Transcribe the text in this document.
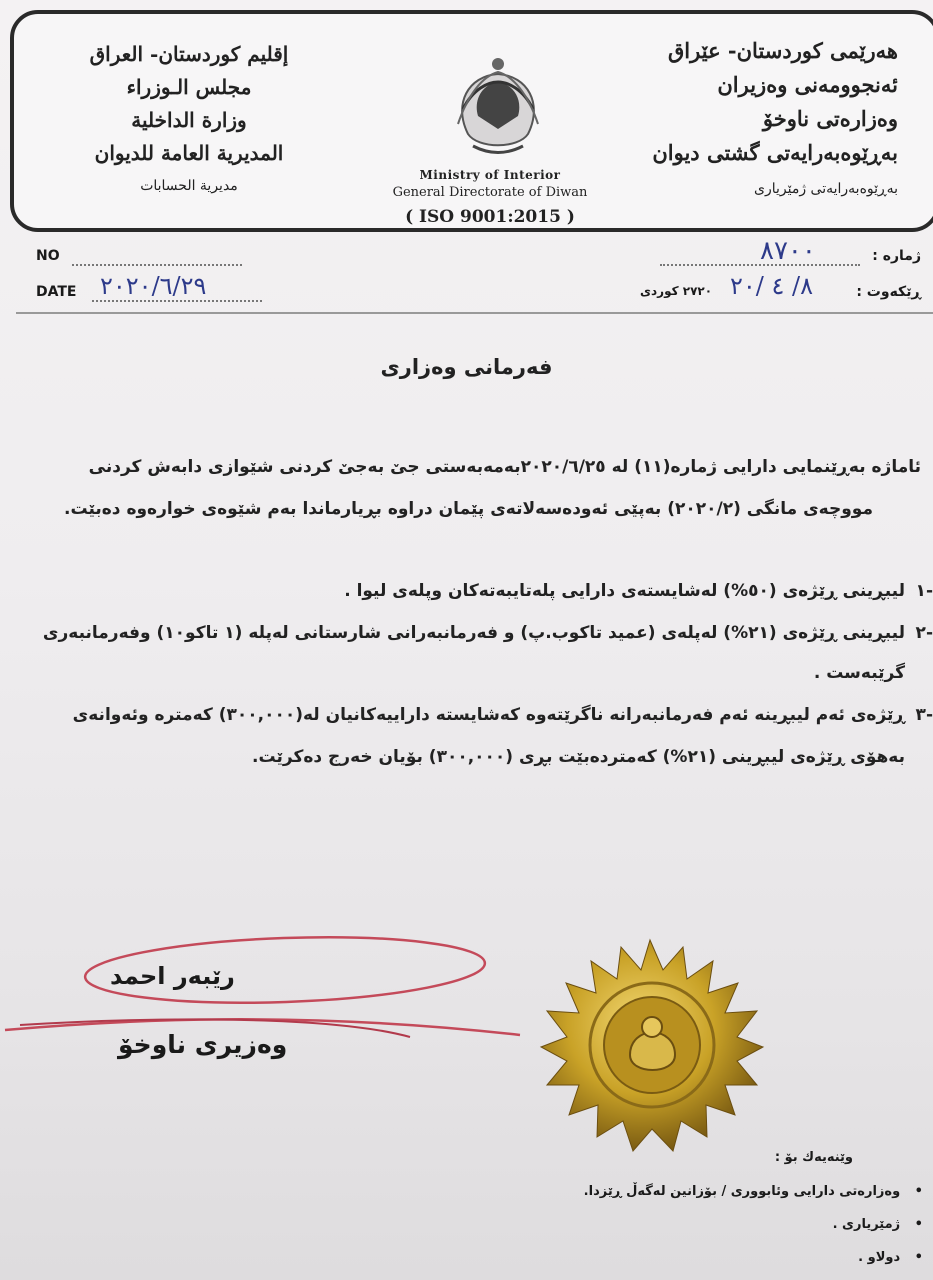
هەرێمی کوردستان- عێراق
ئەنجوومەنی وەزیران
وەزارەتی ناوخۆ
بەڕێوەبەرایەتی گشتی دیوان
بەڕێوەبەرایەتی ژمێریاری
إقليم كوردستان- العراق
مجلس الـوزراء
وزارة الداخلية
المديرية العامة للديوان
مديرية الحسابات
Ministry of Interior
General Directorate of Diwan
( ISO 9001:2015 )
NO
DATE ٢٠٢٠/٦/٢٩
ژمارە :
٨٧٠٠
ڕێکەوت :
٨/ ٤ /٢٠
٢٧٢٠ کوردی
فەرمانی وەزاری
ئاماژە بەڕێنمایی دارایی ژمارە(١١) لە ٢٠٢٠/٦/٢٥بەمەبەستی جێ بەجێ کردنی شێوازی دابەش کردنی
مووچەی مانگی (٢٠٢٠/٢) بەپێی ئەودەسەلاتەی پێمان دراوە بڕیارماندا بەم شێوەی خوارەوە دەبێت.
-١لیبڕینی ڕێژەی (٥٠%) لەشایستەی دارایی پلەتایبەتەکان وپلەی لیوا .
-٢لیبڕینی ڕێژەی (٢١%) لەپلەی (عمید تاکوب.پ) و فەرمانبەرانی شارستانی لەپلە (١ تاکو١٠) وفەرمانبەری
گرێبەست .
-٣ڕێژەی ئەم لیبڕینە ئەم فەرمانبەرانە ناگرێتەوە کەشایستە داراییەکانیان لە(٣٠٠,٠٠٠) کەمترە وئەوانەی
بەهۆی ڕێژەی لیبڕینی (٢١%) کەمتردەبێت بڕی (٣٠٠,٠٠٠) بۆیان خەرج دەکرێت.
رێبەر احمد
وەزیری ناوخۆ
وێنەیەك بۆ :
• وەزارەتی دارایی وئابووری / بۆزانین لەگەڵ ڕێزدا.
• ژمێریاری .
• دولاو .
